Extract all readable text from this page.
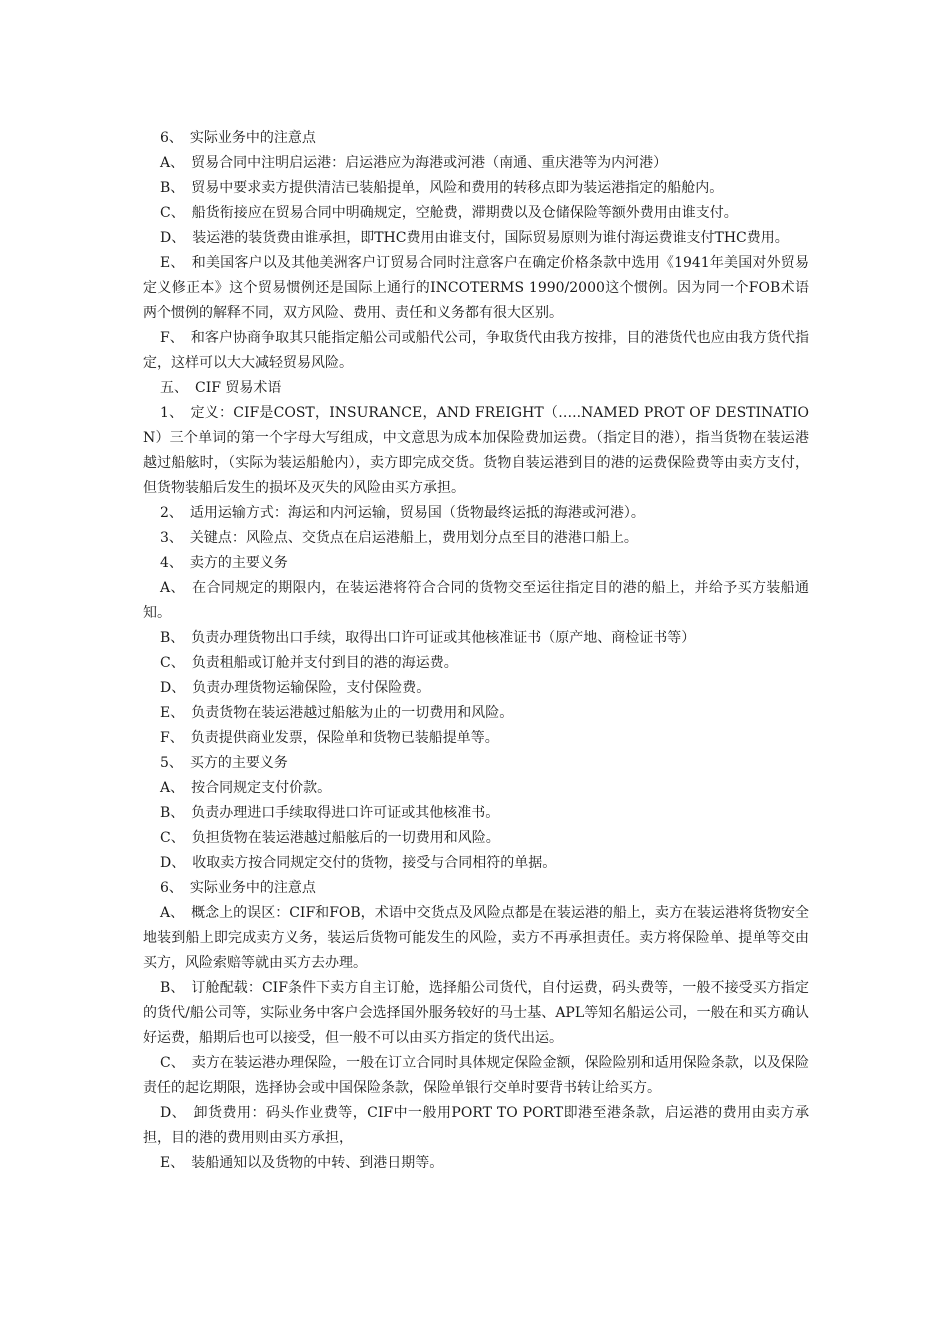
6、　实际业务中的注意点

A、　贸易合同中注明启运港：启运港应为海港或河港（南通、重庆港等为内河港）

B、　贸易中要求卖方提供清洁已装船提单，风险和费用的转移点即为装运港指定的船舱内。

C、　船货衔接应在贸易合同中明确规定，空舱费，滞期费以及仓储保险等额外费用由谁支付。

D、　装运港的装货费由谁承担，即THC费用由谁支付，国际贸易原则为谁付海运费谁支付THC费用。

E、　和美国客户以及其他美洲客户订贸易合同时注意客户在确定价格条款中选用《1941年美国对外贸易定义修正本》这个贸易惯例还是国际上通行的INCOTERMS 1990/2000这个惯例。因为同一个FOB术语两个惯例的解释不同，双方风险、费用、责任和义务都有很大区别。

F、　和客户协商争取其只能指定船公司或船代公司，争取货代由我方按排，目的港货代也应由我方货代指定，这样可以大大减轻贸易风险。

五、　CIF 贸易术语

1、　定义：CIF是COST，INSURANCE，AND FREIGHT（…..NAMED PROT OF DESTINATION）三个单词的第一个字母大写组成，中文意思为成本加保险费加运费。（指定目的港），指当货物在装运港越过船舷时，（实际为装运船舱内），卖方即完成交货。货物自装运港到目的港的运费保险费等由卖方支付，但货物装船后发生的损坏及灭失的风险由买方承担。

2、　适用运输方式：海运和内河运输，贸易国（货物最终运抵的海港或河港）。

3、　关键点：风险点、交货点在启运港船上，费用划分点至目的港港口船上。

4、　卖方的主要义务

A、　在合同规定的期限内，在装运港将符合合同的货物交至运往指定目的港的船上，并给予买方装船通知。

B、　负责办理货物出口手续，取得出口许可证或其他核准证书（原产地、商检证书等）

C、　负责租船或订舱并支付到目的港的海运费。

D、　负责办理货物运输保险，支付保险费。

E、　负责货物在装运港越过船舷为止的一切费用和风险。

F、　负责提供商业发票，保险单和货物已装船提单等。

5、　买方的主要义务

A、　按合同规定支付价款。

B、　负责办理进口手续取得进口许可证或其他核准书。

C、　负担货物在装运港越过船舷后的一切费用和风险。

D、　收取卖方按合同规定交付的货物，接受与合同相符的单据。

6、　实际业务中的注意点

A、　概念上的误区：CIF和FOB，术语中交货点及风险点都是在装运港的船上，卖方在装运港将货物安全地装到船上即完成卖方义务，装运后货物可能发生的风险，卖方不再承担责任。卖方将保险单、提单等交由买方，风险索赔等就由买方去办理。

B、　订舱配载：CIF条件下卖方自主订舱，选择船公司货代，自付运费，码头费等，一般不接受买方指定的货代/船公司等，实际业务中客户会选择国外服务较好的马士基、APL等知名船运公司，一般在和买方确认好运费，船期后也可以接受，但一般不可以由买方指定的货代出运。

C、　卖方在装运港办理保险，一般在订立合同时具体规定保险金额，保险险别和适用保险条款，以及保险责任的起讫期限，选择协会或中国保险条款，保险单银行交单时要背书转让给买方。

D、　卸货费用：码头作业费等，CIF中一般用PORT TO PORT即港至港条款，启运港的费用由卖方承担，目的港的费用则由买方承担，

E、　装船通知以及货物的中转、到港日期等。
